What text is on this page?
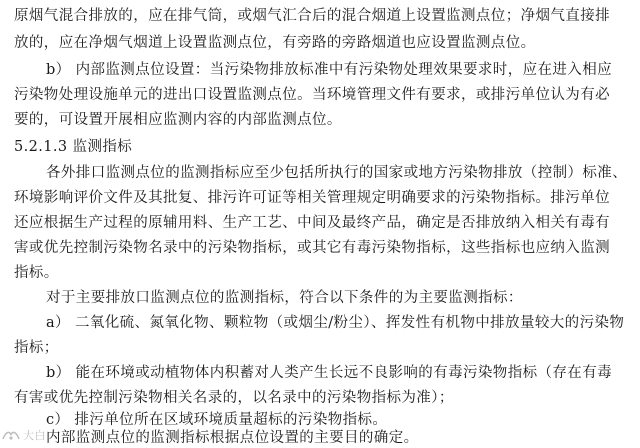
原烟气混合排放的，应在排气筒，或烟气汇合后的混合烟道上设置监测点位；净烟气直接排
放的，应在净烟气烟道上设置监测点位，有旁路的旁路烟道也应设置监测点位。
b） 内部监测点位设置：当污染物排放标准中有污染物处理效果要求时，应在进入相应
污染物处理设施单元的进出口设置监测点位。当环境管理文件有要求，或排污单位认为有必
要的，可设置开展相应监测内容的内部监测点位。
5.2.1.3 监测指标
各外排口监测点位的监测指标应至少包括所执行的国家或地方污染物排放（控制）标准、
环境影响评价文件及其批复、排污许可证等相关管理规定明确要求的污染物指标。排污单位
还应根据生产过程的原辅用料、生产工艺、中间及最终产品，确定是否排放纳入相关有毒有
害或优先控制污染物名录中的污染物指标，或其它有毒污染物指标，这些指标也应纳入监测
指标。
对于主要排放口监测点位的监测指标，符合以下条件的为主要监测指标：
a） 二氧化硫、氮氧化物、颗粒物（或烟尘/粉尘）、挥发性有机物中排放量较大的污染物
指标；
b） 能在环境或动植物体内积蓄对人类产生长远不良影响的有毒污染物指标（存在有毒
有害或优先控制污染物相关名录的，以名录中的污染物指标为准）；
c） 排污单位所在区域环境质量超标的污染物指标。
内部监测点位的监测指标根据点位设置的主要目的确定。
大白
